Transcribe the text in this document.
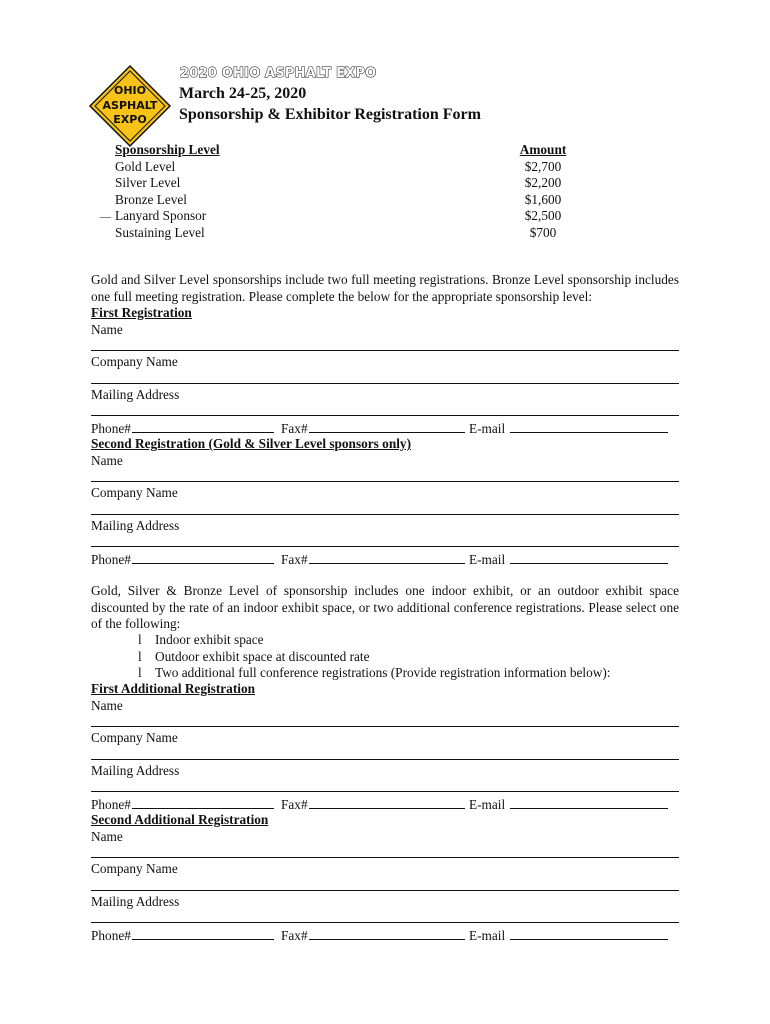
OHIO
ASPHALT
EXPO
2020 OHIO ASPHALT EXPO
March 24-25, 2020
Sponsorship & Exhibitor Registration Form
Sponsorship Level	Amount
Gold Level	$2,700
Silver Level	$2,200
Bronze Level	$1,600
— Lanyard Sponsor	$2,500
Sustaining Level	$700
Gold and Silver Level sponsorships include two full meeting registrations. Bronze Level sponsorship includes one full meeting registration. Please complete the below for the appropriate sponsorship level:
First Registration
Name
Company Name
Mailing Address
Phone#	Fax#	E-mail
Second Registration (Gold & Silver Level sponsors only)
Name
Company Name
Mailing Address
Phone#	Fax#	E-mail
Gold, Silver & Bronze Level of sponsorship includes one indoor exhibit, or an outdoor exhibit space discounted by the rate of an indoor exhibit space, or two additional conference registrations. Please select one of the following:
l Indoor exhibit space
l Outdoor exhibit space at discounted rate
l Two additional full conference registrations (Provide registration information below):
First Additional Registration
Name
Company Name
Mailing Address
Phone#	Fax#	E-mail
Second Additional Registration
Name
Company Name
Mailing Address
Phone#	Fax#	E-mail
